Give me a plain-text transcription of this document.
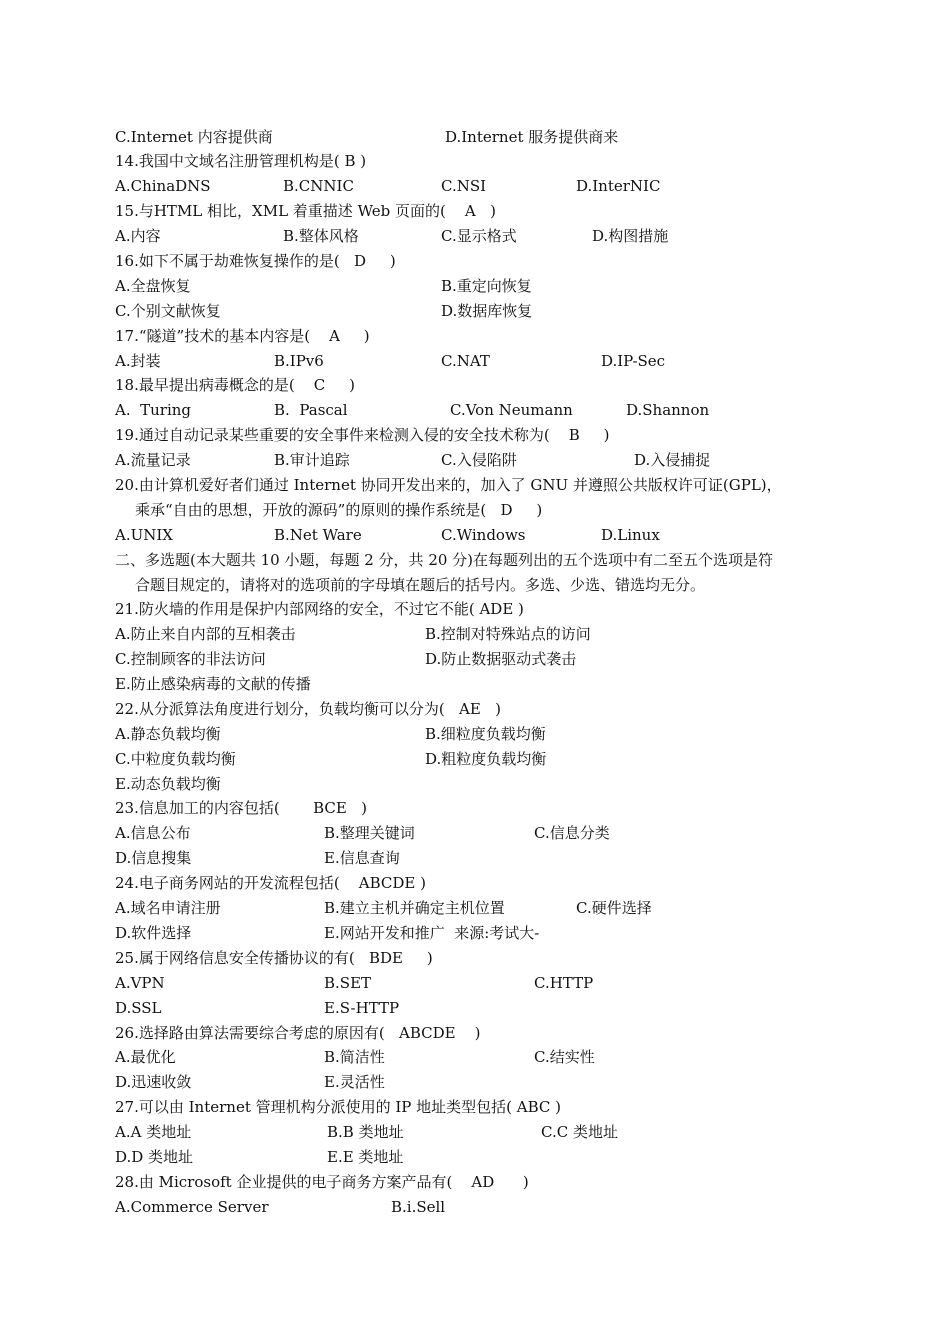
C.Internet 内容提供商	D.Internet 服务提供商来
14.我国中文域名注册管理机构是( B )
A.ChinaDNS	B.CNNIC	C.NSI	D.InterNIC
15.与HTML 相比，XML 着重描述 Web 页面的(    A   )
A.内容	B.整体风格	C.显示格式	D.构图措施
16.如下不属于劫难恢复操作的是(   D     )
A.全盘恢复	B.重定向恢复
C.个别文献恢复	D.数据库恢复
17.“隧道”技术的基本内容是(    A     )
A.封装	B.IPv6	C.NAT	D.IP-Sec
18.最早提出病毒概念的是(    C     )
A.  Turing	B.  Pascal	C.Von Neumann	D.Shannon
19.通过自动记录某些重要的安全事件来检测入侵的安全技术称为(    B     )
A.流量记录	B.审计追踪	C.入侵陷阱	D.入侵捕捉
20.由计算机爱好者们通过 Internet 协同开发出来的，加入了 GNU 并遵照公共版权许可证(GPL)，
乘承“自由的思想，开放的源码”的原则的操作系统是(   D     )
A.UNIX	B.Net Ware	C.Windows	D.Linux
二、多选题(本大题共 10 小题，每题 2 分，共 20 分)在每题列出的五个选项中有二至五个选项是符
合题目规定的，请将对的选项前的字母填在题后的括号内。多选、少选、错选均无分。
21.防火墙的作用是保护内部网络的安全，不过它不能( ADE )
A.防止来自内部的互相袭击	B.控制对特殊站点的访问
C.控制顾客的非法访问	D.防止数据驱动式袭击
E.防止感染病毒的文献的传播
22.从分派算法角度进行划分，负载均衡可以分为(   AE   )
A.静态负载均衡	B.细粒度负载均衡
C.中粒度负载均衡	D.粗粒度负载均衡
E.动态负载均衡
23.信息加工的内容包括(       BCE   )
A.信息公布	B.整理关键词	C.信息分类
D.信息搜集	E.信息查询
24.电子商务网站的开发流程包括(    ABCDE )
A.域名申请注册	B.建立主机并确定主机位置	C.硬件选择
D.软件选择	E.网站开发和推广  来源:考试大-
25.属于网络信息安全传播协议的有(   BDE     )
A.VPN	B.SET	C.HTTP
D.SSL	E.S-HTTP
26.选择路由算法需要综合考虑的原因有(   ABCDE    )
A.最优化	B.简洁性	C.结实性
D.迅速收敛	E.灵活性
27.可以由 Internet 管理机构分派使用的 IP 地址类型包括( ABC )
A.A 类地址	B.B 类地址	C.C 类地址
D.D 类地址	E.E 类地址
28.由 Microsoft 企业提供的电子商务方案产品有(    AD      )
A.Commerce Server	B.i.Sell
